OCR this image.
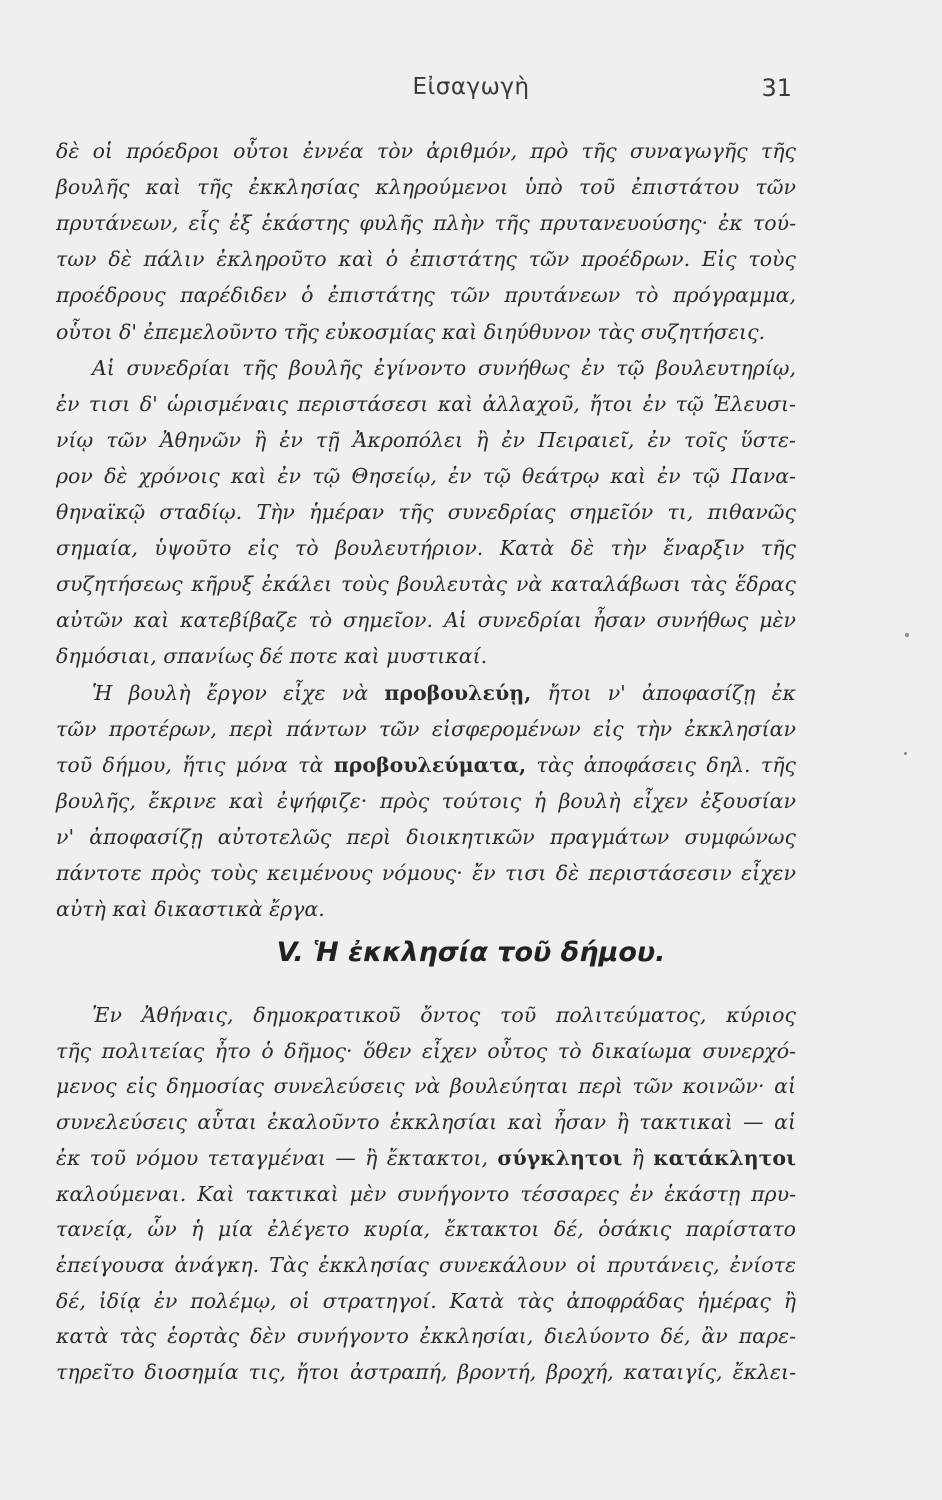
Εἰσαγωγὴ	31
δὲ οἱ πρόεδροι οὗτοι ἐννέα τὸν ἀριθμόν, πρὸ τῆς συναγωγῆς τῆς
βουλῆς καὶ τῆς ἐκκλησίας κληρούμενοι ὑπὸ τοῦ ἐπιστάτου τῶν
πρυτάνεων, εἷς ἐξ ἑκάστης φυλῆς πλὴν τῆς πρυτανευούσης· ἐκ τού-
των δὲ πάλιν ἐκληροῦτο καὶ ὁ ἐπιστάτης τῶν προέδρων. Εἰς τοὺς
προέδρους παρέδιδεν ὁ ἐπιστάτης τῶν πρυτάνεων τὸ πρόγραμμα,
οὗτοι δ' ἐπεμελοῦντο τῆς εὐκοσμίας καὶ διηύθυνον τὰς συζητήσεις.
Αἱ συνεδρίαι τῆς βουλῆς ἐγίνοντο συνήθως ἐν τῷ βουλευτηρίῳ,
ἐν τισι δ' ὡρισμέναις περιστάσεσι καὶ ἀλλαχοῦ, ἤτοι ἐν τῷ Ἐλευσι-
νίῳ τῶν Ἀθηνῶν ἢ ἐν τῇ Ἀκροπόλει ἢ ἐν Πειραιεῖ, ἐν τοῖς ὕστε-
ρον δὲ χρόνοις καὶ ἐν τῷ Θησείῳ, ἐν τῷ θεάτρῳ καὶ ἐν τῷ Πανα-
θηναϊκῷ σταδίῳ. Τὴν ἡμέραν τῆς συνεδρίας σημεῖόν τι, πιθανῶς
σημαία, ὑψοῦτο εἰς τὸ βουλευτήριον. Κατὰ δὲ τὴν ἔναρξιν τῆς
συζητήσεως κῆρυξ ἐκάλει τοὺς βουλευτὰς νὰ καταλάβωσι τὰς ἕδρας
αὐτῶν καὶ κατεβίβαζε τὸ σημεῖον. Αἱ συνεδρίαι ἦσαν συνήθως μὲν
δημόσιαι, σπανίως δέ ποτε καὶ μυστικαί.
Ἡ βουλὴ ἔργον εἶχε νὰ προβουλεύῃ, ἤτοι ν' ἀποφασίζῃ ἐκ
τῶν προτέρων, περὶ πάντων τῶν εἰσφερομένων εἰς τὴν ἐκκλησίαν
τοῦ δήμου, ἥτις μόνα τὰ προβουλεύματα, τὰς ἀποφάσεις δηλ. τῆς
βουλῆς, ἔκρινε καὶ ἐψήφιζε· πρὸς τούτοις ἡ βουλὴ εἶχεν ἐξουσίαν
ν' ἀποφασίζῃ αὐτοτελῶς περὶ διοικητικῶν πραγμάτων συμφώνως
πάντοτε πρὸς τοὺς κειμένους νόμους· ἔν τισι δὲ περιστάσεσιν εἶχεν
αὐτὴ καὶ δικαστικὰ ἔργα.
V. Ἡ ἐκκλησία τοῦ δήμου.
Ἐν Ἀθήναις, δημοκρατικοῦ ὄντος τοῦ πολιτεύματος, κύριος
τῆς πολιτείας ἦτο ὁ δῆμος· ὅθεν εἶχεν οὗτος τὸ δικαίωμα συνερχό-
μενος εἰς δημοσίας συνελεύσεις νὰ βουλεύηται περὶ τῶν κοινῶν· αἱ
συνελεύσεις αὗται ἐκαλοῦντο ἐκκλησίαι καὶ ἦσαν ἢ τακτικαὶ — αἱ
ἐκ τοῦ νόμου τεταγμέναι — ἢ ἔκτακτοι, σύγκλητοι ἢ κατάκλητοι
καλούμεναι. Καὶ τακτικαὶ μὲν συνήγοντο τέσσαρες ἐν ἑκάστῃ πρυ-
τανείᾳ, ὧν ἡ μία ἐλέγετο κυρία, ἔκτακτοι δέ, ὁσάκις παρίστατο
ἐπείγουσα ἀνάγκη. Τὰς ἐκκλησίας συνεκάλουν οἱ πρυτάνεις, ἐνίοτε
δέ, ἰδίᾳ ἐν πολέμῳ, οἱ στρατηγοί. Κατὰ τὰς ἀποφράδας ἡμέρας ἢ
κατὰ τὰς ἑορτὰς δὲν συνήγοντο ἐκκλησίαι, διελύοντο δέ, ἂν παρε-
τηρεῖτο διοσημία τις, ἤτοι ἀστραπή, βροντή, βροχή, καταιγίς, ἔκλει-
